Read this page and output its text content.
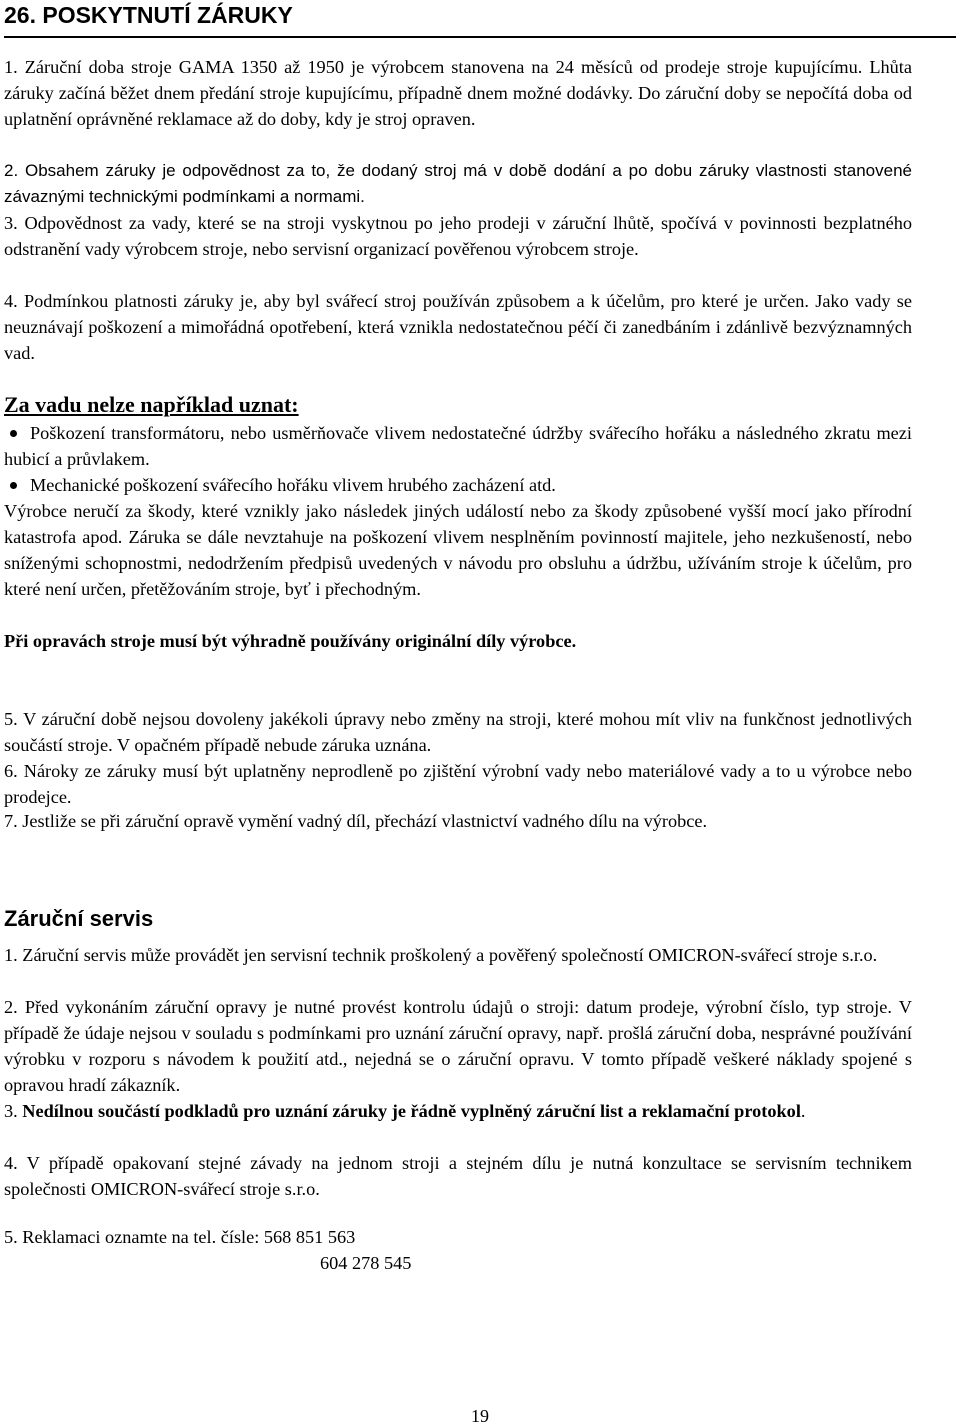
26. POSKYTNUTÍ ZÁRUKY

1. Záruční doba stroje GAMA 1350 až 1950 je výrobcem stanovena na 24 měsíců od prodeje stroje kupujícímu. Lhůta záruky začíná běžet dnem předání stroje kupujícímu, případně dnem možné dodávky. Do záruční doby se nepočítá doba od uplatnění oprávněné reklamace až do doby, kdy je stroj opraven.

2. Obsahem záruky je odpovědnost za to, že dodaný stroj má v době dodání a po dobu záruky vlastnosti stanovené závaznými technickými podmínkami a normami.

3. Odpovědnost za vady, které se na stroji vyskytnou po jeho prodeji v záruční lhůtě, spočívá v povinnosti bezplatného odstranění vady výrobcem stroje, nebo servisní organizací pověřenou výrobcem stroje.

4. Podmínkou platnosti záruky je, aby byl svářecí stroj používán způsobem a k účelům, pro které je určen. Jako vady se neuznávají poškození a mimořádná opotřebení, která vznikla nedostatečnou péčí či zanedbáním i zdánlivě bezvýznamných vad.

Za vadu nelze například uznat:

Poškození transformátoru, nebo usměrňovače vlivem nedostatečné údržby svářecího hořáku a následného zkratu mezi hubicí a průvlakem.

Mechanické poškození svářecího hořáku vlivem hrubého zacházení atd.

Výrobce neručí za škody, které vznikly jako následek jiných událostí nebo za škody způsobené vyšší mocí jako přírodní katastrofa apod. Záruka se dále nevztahuje na poškození vlivem nesplněním povinností majitele, jeho nezkušeností, nebo sníženými schopnostmi, nedodržením předpisů uvedených v návodu pro obsluhu a údržbu, užíváním stroje k účelům, pro které není určen, přetěžováním stroje, byť i přechodným.

Při opravách stroje musí být výhradně používány originální díly výrobce.

5. V záruční době nejsou dovoleny jakékoli úpravy nebo změny na stroji, které mohou mít vliv na funkčnost jednotlivých součástí stroje. V opačném případě nebude záruka uznána.

6. Nároky ze záruky musí být uplatněny neprodleně po zjištění výrobní vady nebo materiálové vady a to u výrobce nebo prodejce.

7. Jestliže se při záruční opravě vymění vadný díl, přechází vlastnictví vadného dílu na výrobce.

Záruční servis

1. Záruční servis může provádět jen servisní technik proškolený a pověřený společností OMICRON-svářecí stroje s.r.o.

2. Před vykonáním záruční opravy je nutné provést kontrolu údajů o stroji: datum prodeje, výrobní číslo, typ stroje. V případě že údaje nejsou v souladu s podmínkami pro uznání záruční opravy, např. prošlá záruční doba, nesprávné používání výrobku v rozporu s návodem k použití atd., nejedná se o záruční opravu. V tomto případě veškeré náklady spojené s opravou hradí zákazník.

3. Nedílnou součástí podkladů pro uznání záruky je řádně vyplněný záruční list a reklamační protokol.

4. V případě opakovaní stejné závady na jednom stroji a stejném dílu je nutná konzultace se servisním technikem společnosti OMICRON-svářecí stroje s.r.o.

5. Reklamaci oznamte na tel. čísle: 568 851 563

604 278 545

19
